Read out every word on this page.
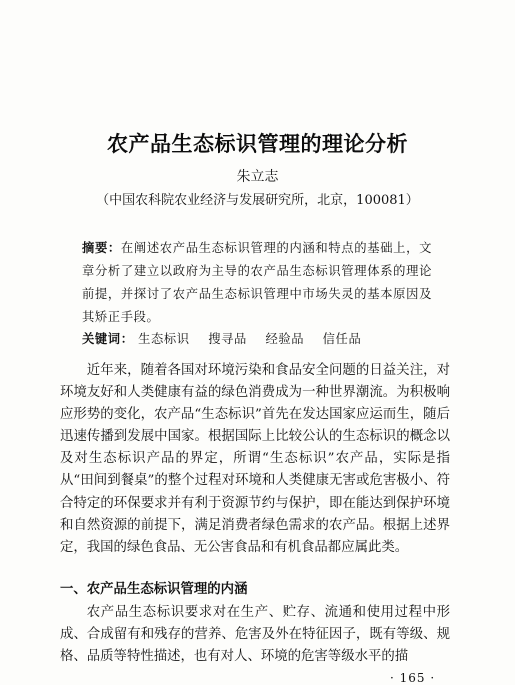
农产品生态标识管理的理论分析
朱立志
（中国农科院农业经济与发展研究所，北京，100081）
摘要：在阐述农产品生态标识管理的内涵和特点的基础上，文章分析了建立以政府为主导的农产品生态标识管理体系的理论前提，并探讨了农产品生态标识管理中市场失灵的基本原因及其矫正手段。
关键词： 生态标识 搜寻品 经验品 信任品
近年来，随着各国对环境污染和食品安全问题的日益关注，对环境友好和人类健康有益的绿色消费成为一种世界潮流。为积极响应形势的变化，农产品“生态标识”首先在发达国家应运而生，随后迅速传播到发展中国家。根据国际上比较公认的生态标识的概念以及对生态标识产品的界定，所谓“生态标识”农产品，实际是指从“田间到餐桌”的整个过程对环境和人类健康无害或危害极小、符合特定的环保要求并有利于资源节约与保护，即在能达到保护环境和自然资源的前提下，满足消费者绿色需求的农产品。根据上述界定，我国的绿色食品、无公害食品和有机食品都应属此类。
一、农产品生态标识管理的内涵
农产品生态标识要求对在生产、贮存、流通和使用过程中形成、合成留有和残存的营养、危害及外在特征因子，既有等级、规格、品质等特性描述，也有对人、环境的危害等级水平的描
· 165 ·
